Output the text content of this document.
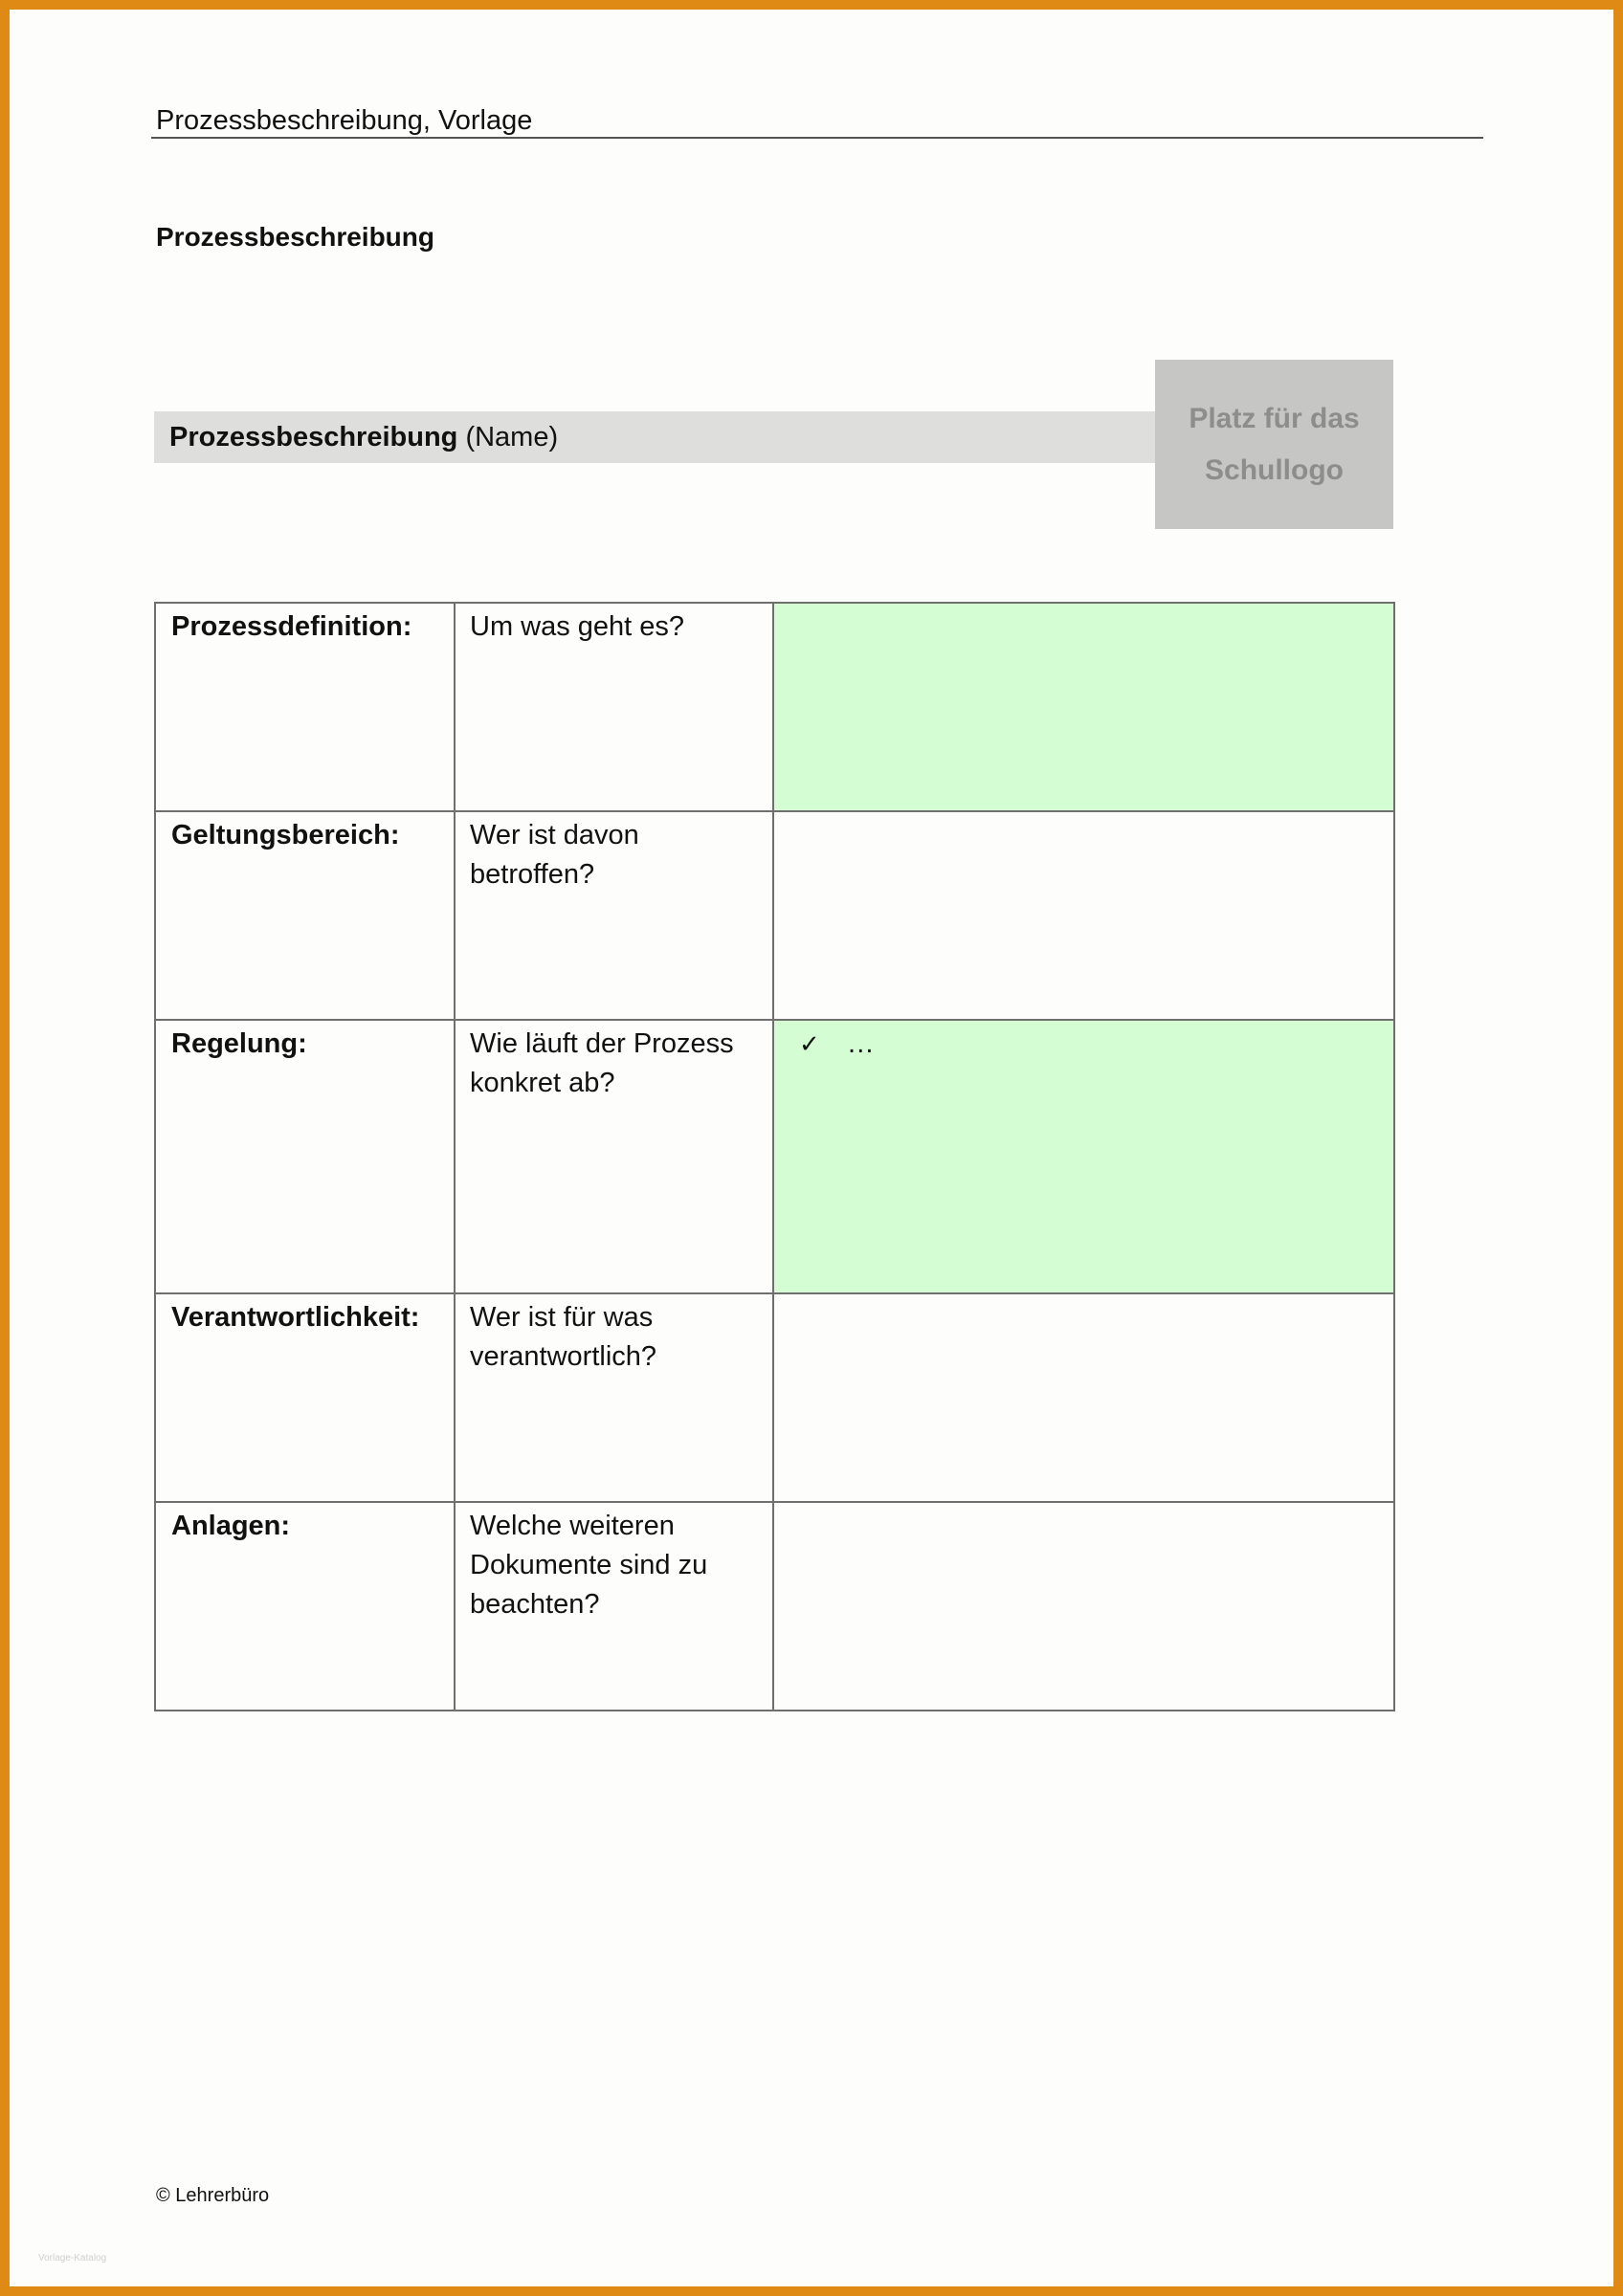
Prozessbeschreibung, Vorlage
Prozessbeschreibung
Prozessbeschreibung (Name)
Platz für das
Schullogo
Prozessdefinition:	Um was geht es?	
Geltungsbereich:	Wer ist davon betroffen?	
Regelung:	Wie läuft der Prozess konkret ab?	✓ …
Verantwortlichkeit:	Wer ist für was verantwortlich?	
Anlagen:	Welche weiteren Dokumente sind zu beachten?	
© Lehrerbüro
Vorlage-Katalog
